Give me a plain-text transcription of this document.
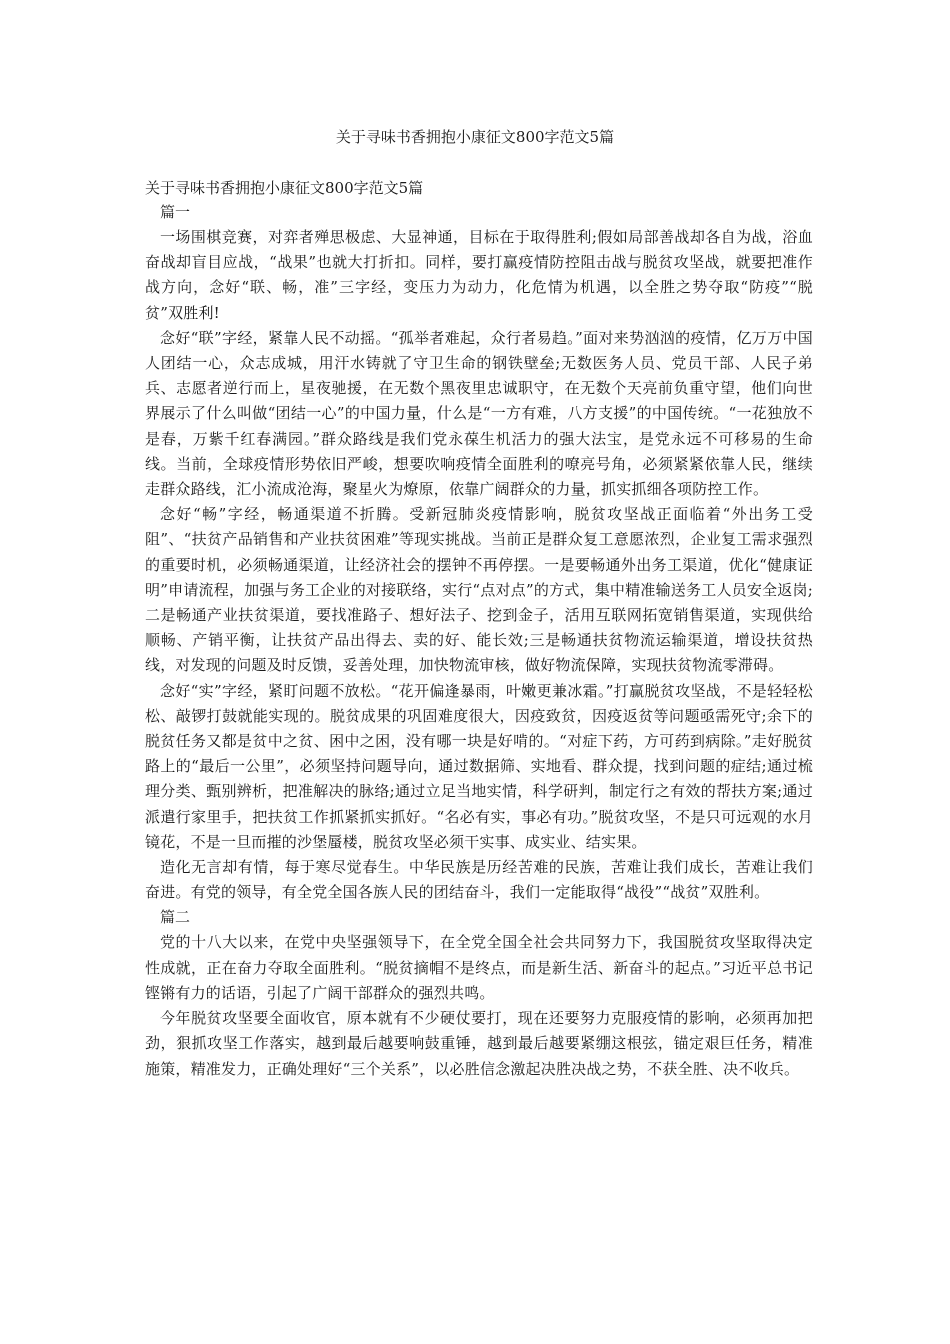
关于寻味书香拥抱小康征文800字范文5篇
关于寻味书香拥抱小康征文800字范文5篇
篇一

一场围棋竞赛，对弈者殚思极虑、大显神通，目标在于取得胜利;假如局部善战却各自为战，浴血奋战却盲目应战，“战果”也就大打折扣。同样，要打赢疫情防控阻击战与脱贫攻坚战，就要把准作战方向，念好“联、畅，准”三字经，变压力为动力，化危情为机遇，以全胜之势夺取“防疫”“脱贫”双胜利!

念好“联”字经，紧靠人民不动摇。“孤举者难起，众行者易趋。”面对来势汹汹的疫情，亿万万中国人团结一心，众志成城，用汗水铸就了守卫生命的钢铁壁垒;无数医务人员、党员干部、人民子弟兵、志愿者逆行而上，星夜驰援，在无数个黑夜里忠诚职守，在无数个天亮前负重守望，他们向世界展示了什么叫做“团结一心”的中国力量，什么是“一方有难，八方支援”的中国传统。“一花独放不是春，万紫千红春满园。”群众路线是我们党永葆生机活力的强大法宝，是党永远不可移易的生命线。当前，全球疫情形势依旧严峻，想要吹响疫情全面胜利的嘹亮号角，必须紧紧依靠人民，继续走群众路线，汇小流成沧海，聚星火为燎原，依靠广阔群众的力量，抓实抓细各项防控工作。

念好“畅”字经，畅通渠道不折腾。受新冠肺炎疫情影响，脱贫攻坚战正面临着“外出务工受阻”、“扶贫产品销售和产业扶贫困难”等现实挑战。当前正是群众复工意愿浓烈，企业复工需求强烈的重要时机，必须畅通渠道，让经济社会的摆钟不再停摆。一是要畅通外出务工渠道，优化“健康证明”申请流程，加强与务工企业的对接联络，实行“点对点”的方式，集中精准输送务工人员安全返岗;二是畅通产业扶贫渠道，要找准路子、想好法子、挖到金子，活用互联网拓宽销售渠道，实现供给顺畅、产销平衡，让扶贫产品出得去、卖的好、能长效;三是畅通扶贫物流运输渠道，增设扶贫热线，对发现的问题及时反馈，妥善处理，加快物流审核，做好物流保障，实现扶贫物流零滞碍。

念好“实”字经，紧盯问题不放松。“花开偏逢暴雨，叶嫩更兼冰霜。”打赢脱贫攻坚战，不是轻轻松松、敲锣打鼓就能实现的。脱贫成果的巩固难度很大，因疫致贫，因疫返贫等问题亟需死守;余下的脱贫任务又都是贫中之贫、困中之困，没有哪一块是好啃的。“对症下药，方可药到病除。”走好脱贫路上的“最后一公里”，必须坚持问题导向，通过数据筛、实地看、群众提，找到问题的症结;通过梳理分类、甄别辨析，把准解决的脉络;通过立足当地实情，科学研判，制定行之有效的帮扶方案;通过派遣行家里手，把扶贫工作抓紧抓实抓好。“名必有实，事必有功。”脱贫攻坚，不是只可远观的水月镜花，不是一旦而摧的沙堡蜃楼，脱贫攻坚必须干实事、成实业、结实果。

造化无言却有情，每于寒尽觉春生。中华民族是历经苦难的民族，苦难让我们成长，苦难让我们奋进。有党的领导，有全党全国各族人民的团结奋斗，我们一定能取得“战役”“战贫”双胜利。

篇二

党的十八大以来，在党中央坚强领导下，在全党全国全社会共同努力下，我国脱贫攻坚取得决定性成就，正在奋力夺取全面胜利。“脱贫摘帽不是终点，而是新生活、新奋斗的起点。”习近平总书记铿锵有力的话语，引起了广阔干部群众的强烈共鸣。

今年脱贫攻坚要全面收官，原本就有不少硬仗要打，现在还要努力克服疫情的影响，必须再加把劲，狠抓攻坚工作落实，越到最后越要响鼓重锤，越到最后越要紧绷这根弦，锚定艰巨任务，精准施策，精准发力，正确处理好“三个关系”，以必胜信念激起决胜决战之势，不获全胜、决不收兵。
